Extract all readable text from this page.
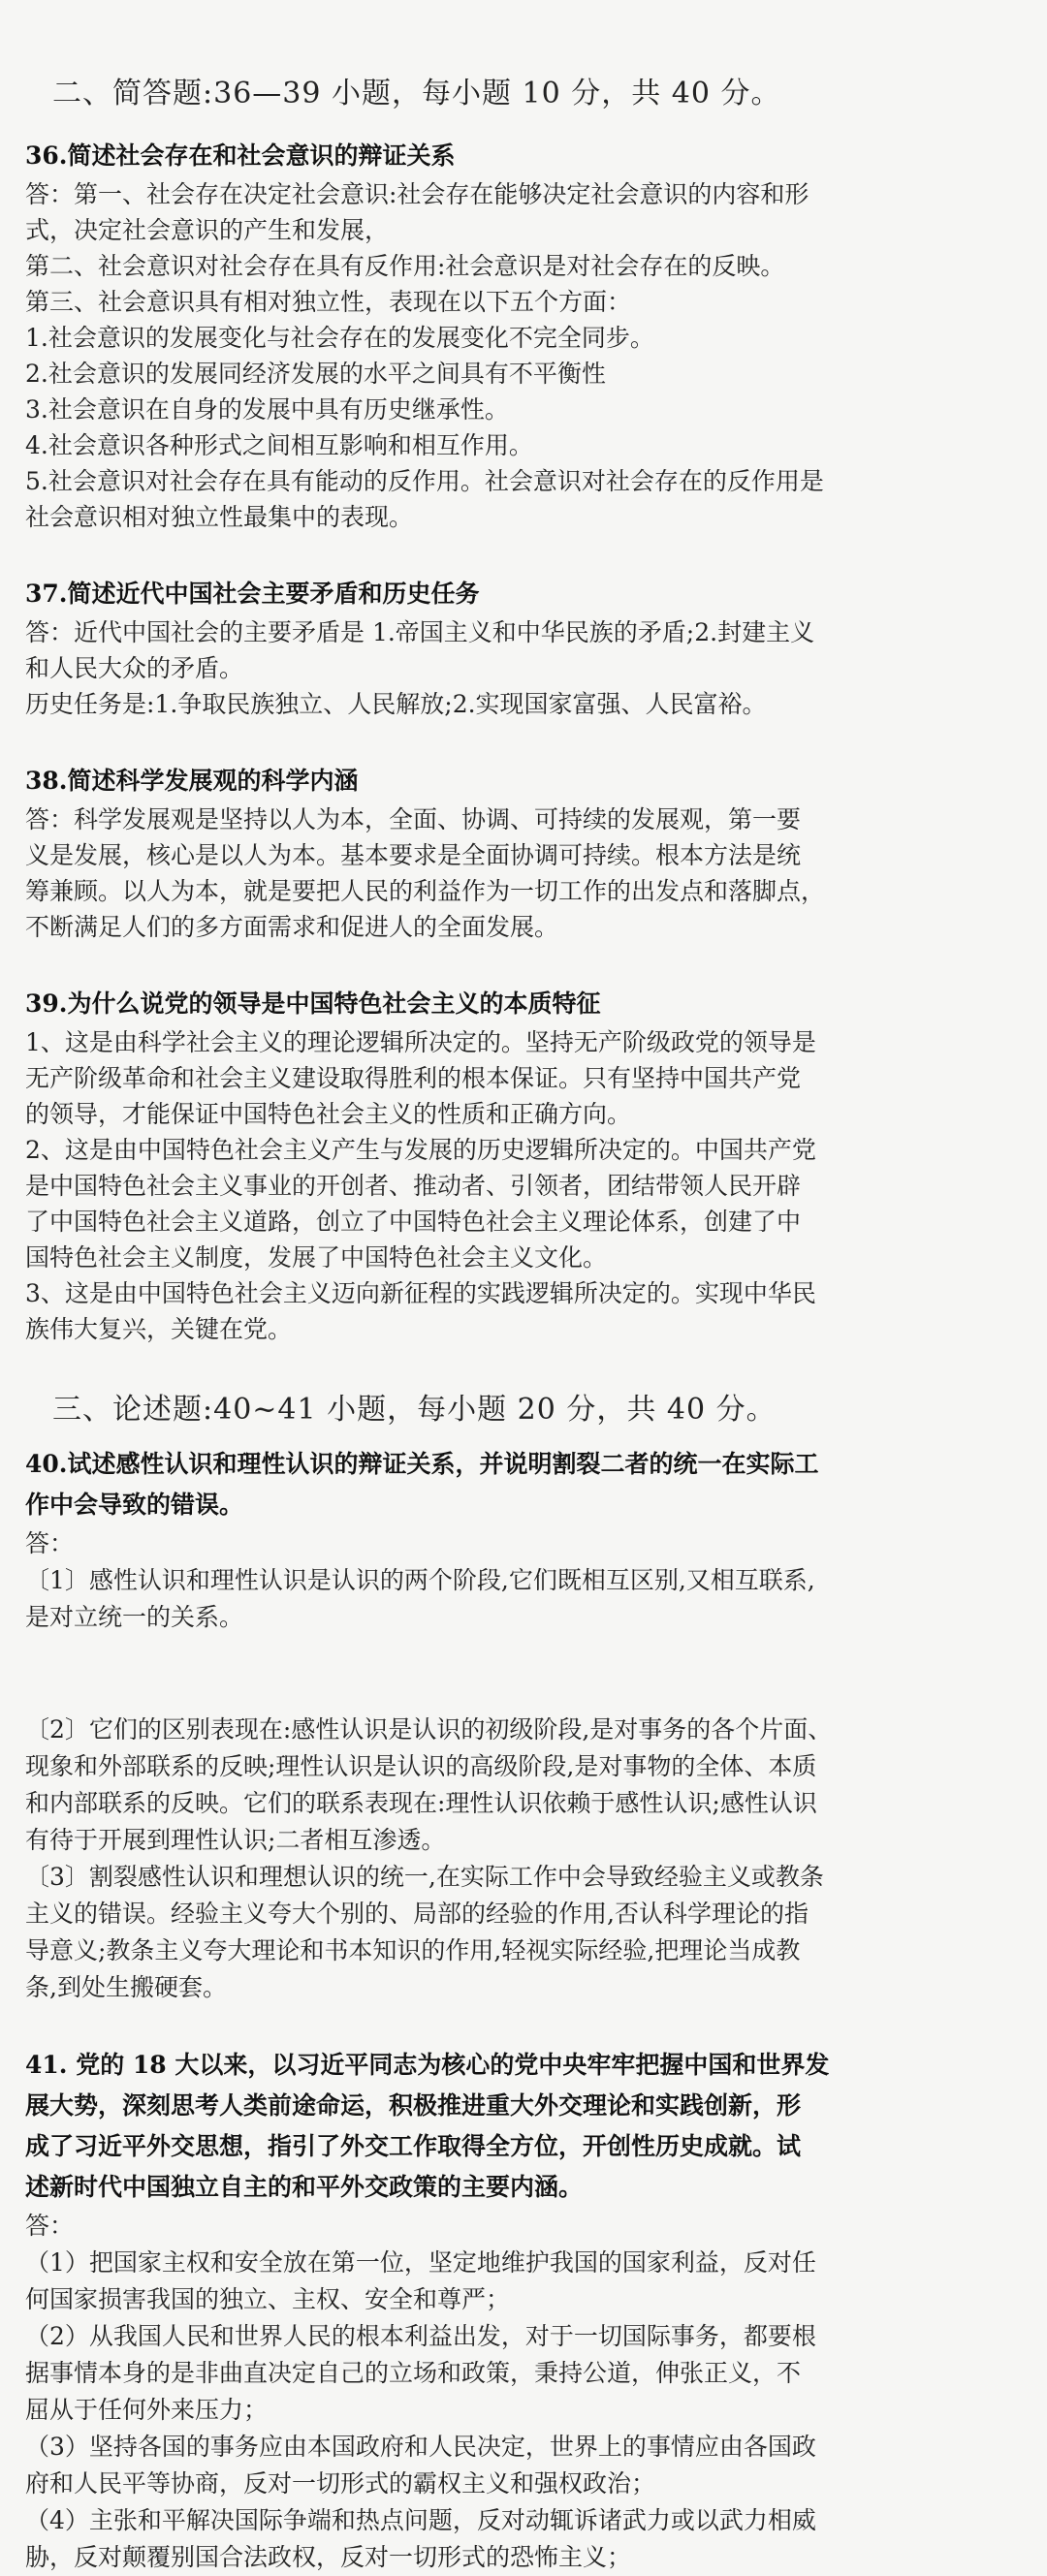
二、简答题:36—39 小题，每小题 10 分，共 40 分。

36.简述社会存在和社会意识的辩证关系

答：第一、社会存在决定社会意识:社会存在能够决定社会意识的内容和形

式，决定社会意识的产生和发展，

第二、社会意识对社会存在具有反作用:社会意识是对社会存在的反映。

第三、社会意识具有相对独立性，表现在以下五个方面：

1.社会意识的发展变化与社会存在的发展变化不完全同步。

2.社会意识的发展同经济发展的水平之间具有不平衡性

3.社会意识在自身的发展中具有历史继承性。

4.社会意识各种形式之间相互影响和相互作用。

5.社会意识对社会存在具有能动的反作用。社会意识对社会存在的反作用是

社会意识相对独立性最集中的表现。

37.简述近代中国社会主要矛盾和历史任务

答：近代中国社会的主要矛盾是 1.帝国主义和中华民族的矛盾;2.封建主义

和人民大众的矛盾。

历史任务是:1.争取民族独立、人民解放;2.实现国家富强、人民富裕。

38.简述科学发展观的科学内涵

答：科学发展观是坚持以人为本，全面、协调、可持续的发展观，第一要

义是发展，核心是以人为本。基本要求是全面协调可持续。根本方法是统

筹兼顾。以人为本，就是要把人民的利益作为一切工作的出发点和落脚点，

不断满足人们的多方面需求和促进人的全面发展。

39.为什么说党的领导是中国特色社会主义的本质特征

1、这是由科学社会主义的理论逻辑所决定的。坚持无产阶级政党的领导是

无产阶级革命和社会主义建设取得胜利的根本保证。只有坚持中国共产党

的领导，才能保证中国特色社会主义的性质和正确方向。

2、这是由中国特色社会主义产生与发展的历史逻辑所决定的。中国共产党

是中国特色社会主义事业的开创者、推动者、引领者，团结带领人民开辟

了中国特色社会主义道路，创立了中国特色社会主义理论体系，创建了中

国特色社会主义制度，发展了中国特色社会主义文化。

3、这是由中国特色社会主义迈向新征程的实践逻辑所决定的。实现中华民

族伟大复兴，关键在党。

三、论述题:40~41 小题，每小题 20 分，共 40 分。

40.试述感性认识和理性认识的辩证关系，并说明割裂二者的统一在实际工

作中会导致的错误。

答：

〔1〕感性认识和理性认识是认识的两个阶段,它们既相互区别,又相互联系,

是对立统一的关系。

〔2〕它们的区别表现在:感性认识是认识的初级阶段,是对事务的各个片面、

现象和外部联系的反映;理性认识是认识的高级阶段,是对事物的全体、本质

和内部联系的反映。它们的联系表现在:理性认识依赖于感性认识;感性认识

有待于开展到理性认识;二者相互渗透。

〔3〕割裂感性认识和理想认识的统一,在实际工作中会导致经验主义或教条

主义的错误。经验主义夸大个别的、局部的经验的作用,否认科学理论的指

导意义;教条主义夸大理论和书本知识的作用,轻视实际经验,把理论当成教

条,到处生搬硬套。

41. 党的 18 大以来，以习近平同志为核心的党中央牢牢把握中国和世界发

展大势，深刻思考人类前途命运，积极推进重大外交理论和实践创新，形

成了习近平外交思想，指引了外交工作取得全方位，开创性历史成就。试

述新时代中国独立自主的和平外交政策的主要内涵。

答：

（1）把国家主权和安全放在第一位，坚定地维护我国的国家利益，反对任

何国家损害我国的独立、主权、安全和尊严；

（2）从我国人民和世界人民的根本利益出发，对于一切国际事务，都要根

据事情本身的是非曲直决定自己的立场和政策，秉持公道，伸张正义，不

屈从于任何外来压力；

（3）坚持各国的事务应由本国政府和人民决定，世界上的事情应由各国政

府和人民平等协商，反对一切形式的霸权主义和强权政治；

（4）主张和平解决国际争端和热点问题，反对动辄诉诸武力或以武力相威

胁，反对颠覆别国合法政权，反对一切形式的恐怖主义；
